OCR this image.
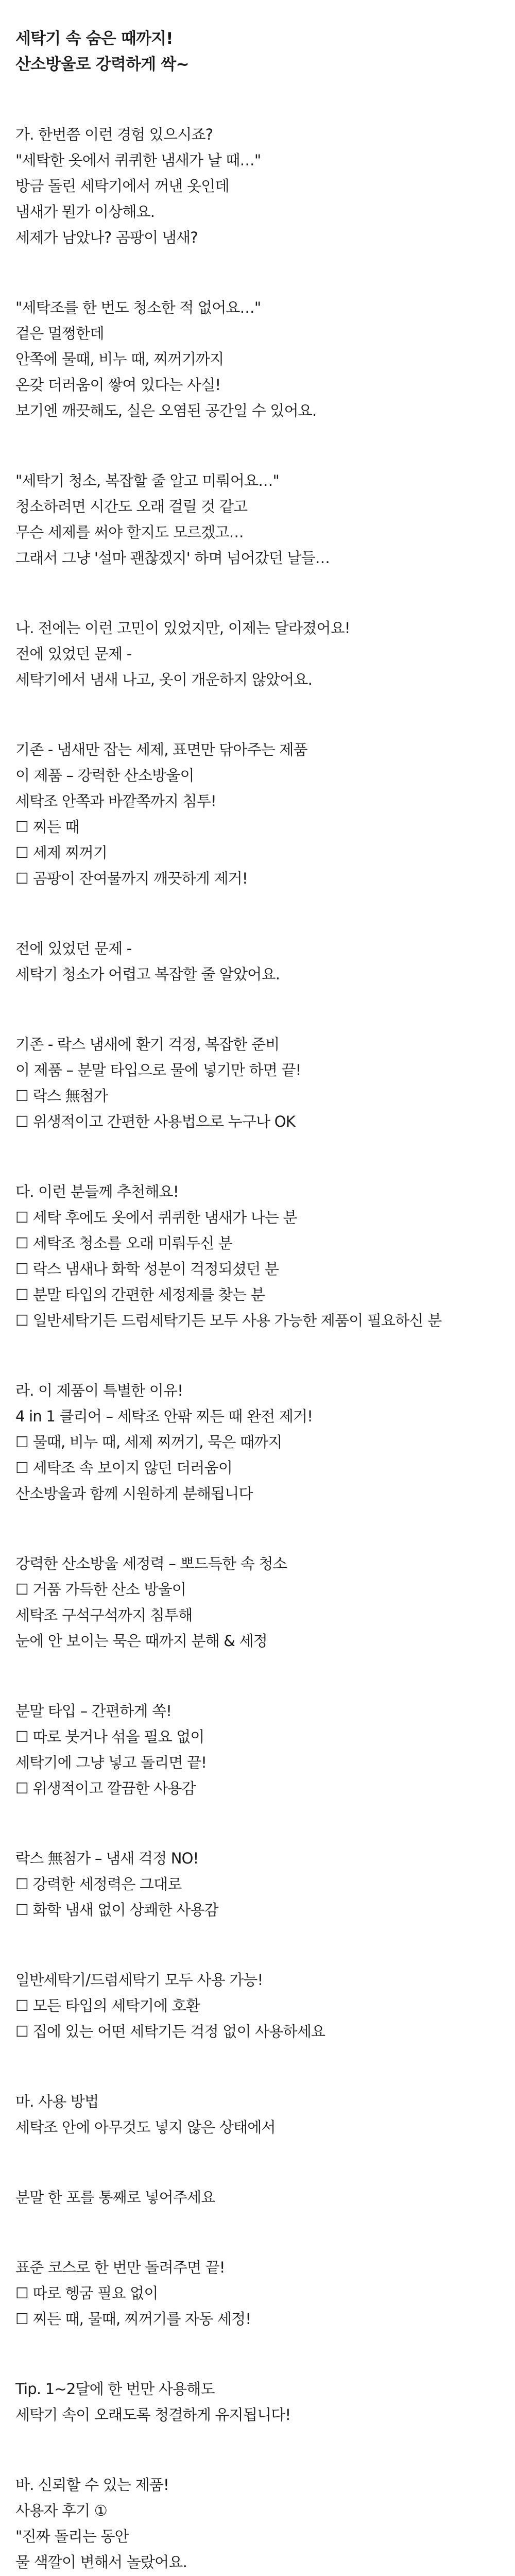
세탁기 속 숨은 때까지!
산소방울로 강력하게 싹~
가. 한번쯤 이런 경험 있으시죠?
"세탁한 옷에서 퀴퀴한 냄새가 날 때…"
방금 돌린 세탁기에서 꺼낸 옷인데
냄새가 뭔가 이상해요.
세제가 남았나? 곰팡이 냄새?
"세탁조를 한 번도 청소한 적 없어요…"
겉은 멀쩡한데
안쪽에 물때, 비누 때, 찌꺼기까지
온갖 더러움이 쌓여 있다는 사실!
보기엔 깨끗해도, 실은 오염된 공간일 수 있어요.
"세탁기 청소, 복잡할 줄 알고 미뤄어요…"
청소하려면 시간도 오래 걸릴 것 같고
무슨 세제를 써야 할지도 모르겠고…
그래서 그냥 '설마 괜찮겠지' 하며 넘어갔던 날들…
나. 전에는 이런 고민이 있었지만, 이제는 달라졌어요!
전에 있었던 문제 -
세탁기에서 냄새 나고, 옷이 개운하지 않았어요.
기존 - 냄새만 잡는 세제, 표면만 닦아주는 제품
이 제품 – 강력한 산소방울이
세탁조 안쪽과 바깥쪽까지 침투!
☐ 찌든 때
☐ 세제 찌꺼기
☐ 곰팡이 잔여물까지 깨끗하게 제거!
전에 있었던 문제 -
세탁기 청소가 어렵고 복잡할 줄 알았어요.
기존 - 락스 냄새에 환기 걱정, 복잡한 준비
이 제품 – 분말 타입으로 물에 넣기만 하면 끝!
☐ 락스 無첨가
☐ 위생적이고 간편한 사용법으로 누구나 OK
다. 이런 분들께 추천해요!
☐ 세탁 후에도 옷에서 퀴퀴한 냄새가 나는 분
☐ 세탁조 청소를 오래 미뤄두신 분
☐ 락스 냄새나 화학 성분이 걱정되셨던 분
☐ 분말 타입의 간편한 세정제를 찾는 분
☐ 일반세탁기든 드럼세탁기든 모두 사용 가능한 제품이 필요하신 분
라. 이 제품이 특별한 이유!
4 in 1 클리어 – 세탁조 안팎 찌든 때 완전 제거!
☐ 물때, 비누 때, 세제 찌꺼기, 묵은 때까지
☐ 세탁조 속 보이지 않던 더러움이
산소방울과 함께 시원하게 분해됩니다
강력한 산소방울 세정력 – 뽀드득한 속 청소
☐ 거품 가득한 산소 방울이
세탁조 구석구석까지 침투해
눈에 안 보이는 묵은 때까지 분해 & 세정
분말 타입 – 간편하게 쏙!
☐ 따로 붓거나 섞을 필요 없이
세탁기에 그냥 넣고 돌리면 끝!
☐ 위생적이고 깔끔한 사용감
락스 無첨가 – 냄새 걱정 NO!
☐ 강력한 세정력은 그대로
☐ 화학 냄새 없이 상쾌한 사용감
일반세탁기/드럼세탁기 모두 사용 가능!
☐ 모든 타입의 세탁기에 호환
☐ 집에 있는 어떤 세탁기든 걱정 없이 사용하세요
마. 사용 방법
세탁조 안에 아무것도 넣지 않은 상태에서
분말 한 포를 통째로 넣어주세요
표준 코스로 한 번만 돌려주면 끝!
☐ 따로 헹굼 필요 없이
☐ 찌든 때, 물때, 찌꺼기를 자동 세정!
Tip. 1~2달에 한 번만 사용해도
세탁기 속이 오래도록 청결하게 유지됩니다!
바. 신뢰할 수 있는 제품!
사용자 후기 ①
"진짜 돌리는 동안
물 색깔이 변해서 놀랐어요.
